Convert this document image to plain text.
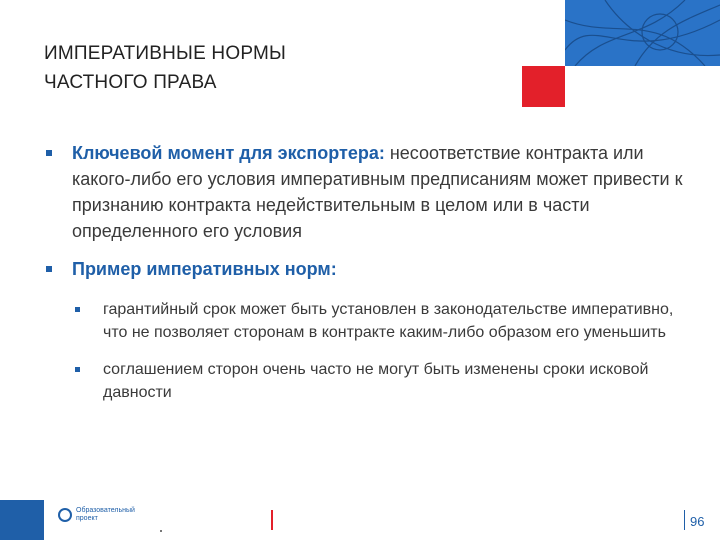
ИМПЕРАТИВНЫЕ НОРМЫ
ЧАСТНОГО ПРАВА
Ключевой момент для экспортера: несоответствие контракта или какого-либо его условия императивным предписаниям может привести к признанию контракта недействительным в целом или в части определенного его условия
Пример императивных норм:
гарантийный срок может быть установлен в законодательстве императивно, что не позволяет сторонам в контракте каким-либо образом его уменьшить
соглашением сторон очень часто не могут быть изменены сроки исковой давности
Образовательный
проект	96
